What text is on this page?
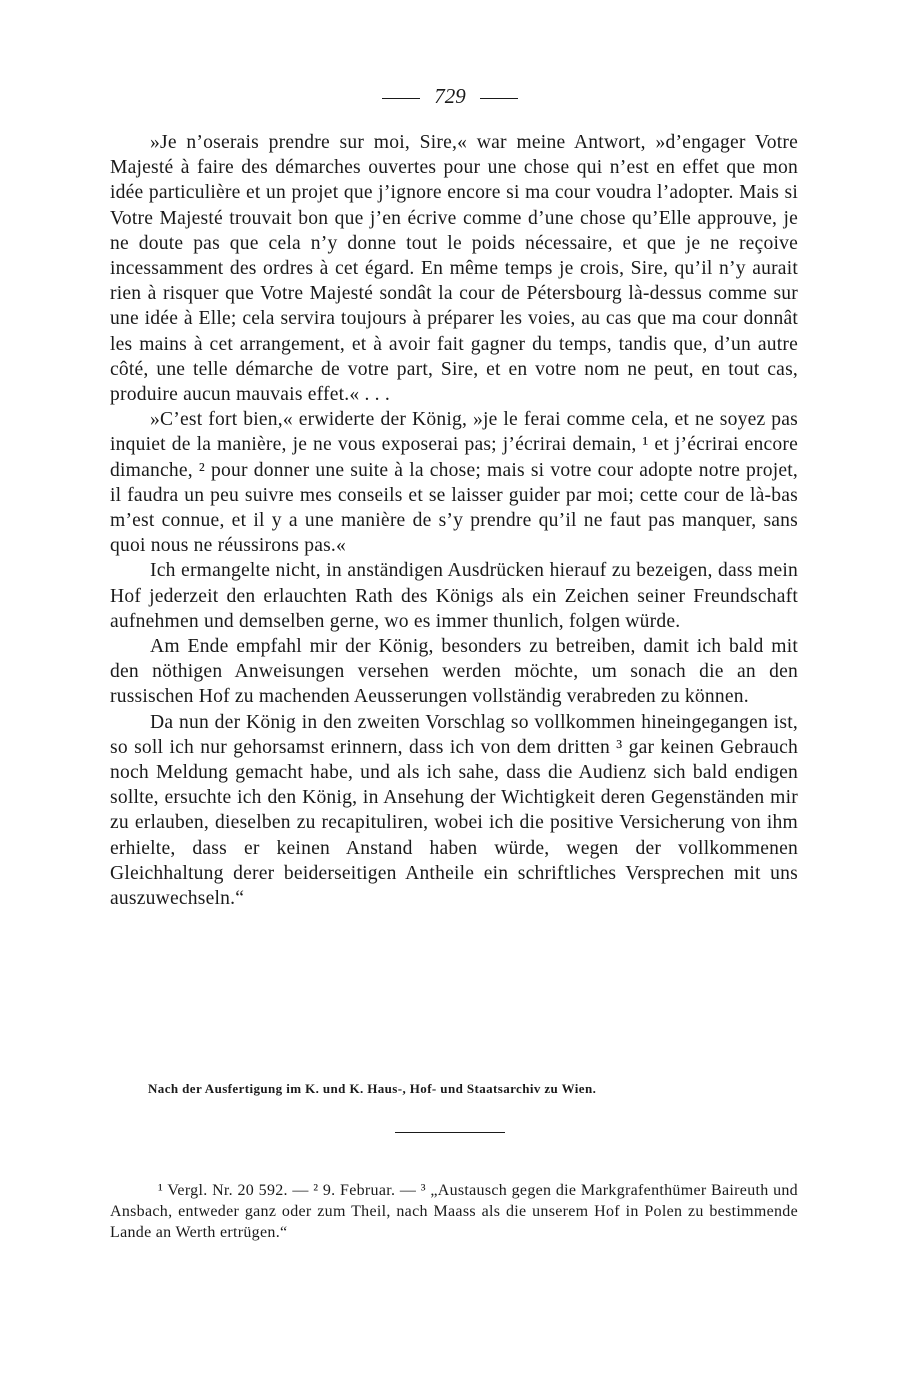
729

»Je n’oserais prendre sur moi, Sire,« war meine Antwort, »d’engager Votre Majesté à faire des démarches ouvertes pour une chose qui n’est en effet que mon idée particulière et un projet que j’ignore encore si ma cour voudra l’adopter. Mais si Votre Majesté trouvait bon que j’en écrive comme d’une chose qu’Elle approuve, je ne doute pas que cela n’y donne tout le poids nécessaire, et que je ne reçoive incessamment des ordres à cet égard. En même temps je crois, Sire, qu’il n’y aurait rien à risquer que Votre Majesté sondât la cour de Pétersbourg là-dessus comme sur une idée à Elle; cela servira toujours à préparer les voies, au cas que ma cour donnât les mains à cet arrangement, et à avoir fait gagner du temps, tandis que, d’un autre côté, une telle démarche de votre part, Sire, et en votre nom ne peut, en tout cas, produire aucun mauvais effet.« . . .

»C’est fort bien,« erwiderte der König, »je le ferai comme cela, et ne soyez pas inquiet de la manière, je ne vous exposerai pas; j’écrirai demain, ¹ et j’écrirai encore dimanche, ² pour donner une suite à la chose; mais si votre cour adopte notre projet, il faudra un peu suivre mes conseils et se laisser guider par moi; cette cour de là-bas m’est connue, et il y a une manière de s’y prendre qu’il ne faut pas manquer, sans quoi nous ne réussirons pas.«

Ich ermangelte nicht, in anständigen Ausdrücken hierauf zu bezeigen, dass mein Hof jederzeit den erlauchten Rath des Königs als ein Zeichen seiner Freundschaft aufnehmen und demselben gerne, wo es immer thunlich, folgen würde.

Am Ende empfahl mir der König, besonders zu betreiben, damit ich bald mit den nöthigen Anweisungen versehen werden möchte, um sonach die an den russischen Hof zu machenden Aeusserungen vollständig verabreden zu können.

Da nun der König in den zweiten Vorschlag so vollkommen hineingegangen ist, so soll ich nur gehorsamst erinnern, dass ich von dem dritten ³ gar keinen Gebrauch noch Meldung gemacht habe, und als ich sahe, dass die Audienz sich bald endigen sollte, ersuchte ich den König, in Ansehung der Wichtigkeit deren Gegenständen mir zu erlauben, dieselben zu recapituliren, wobei ich die positive Versicherung von ihm erhielte, dass er keinen Anstand haben würde, wegen der vollkommenen Gleichhaltung derer beiderseitigen Antheile ein schriftliches Versprechen mit uns auszuwechseln.“

Nach der Ausfertigung im K. und K. Haus-, Hof- und Staatsarchiv zu Wien.

¹ Vergl. Nr. 20 592. — ² 9. Februar. — ³ „Austausch gegen die Markgrafenthümer Baireuth und Ansbach, entweder ganz oder zum Theil, nach Maass als die unserem Hof in Polen zu bestimmende Lande an Werth ertrügen.“
